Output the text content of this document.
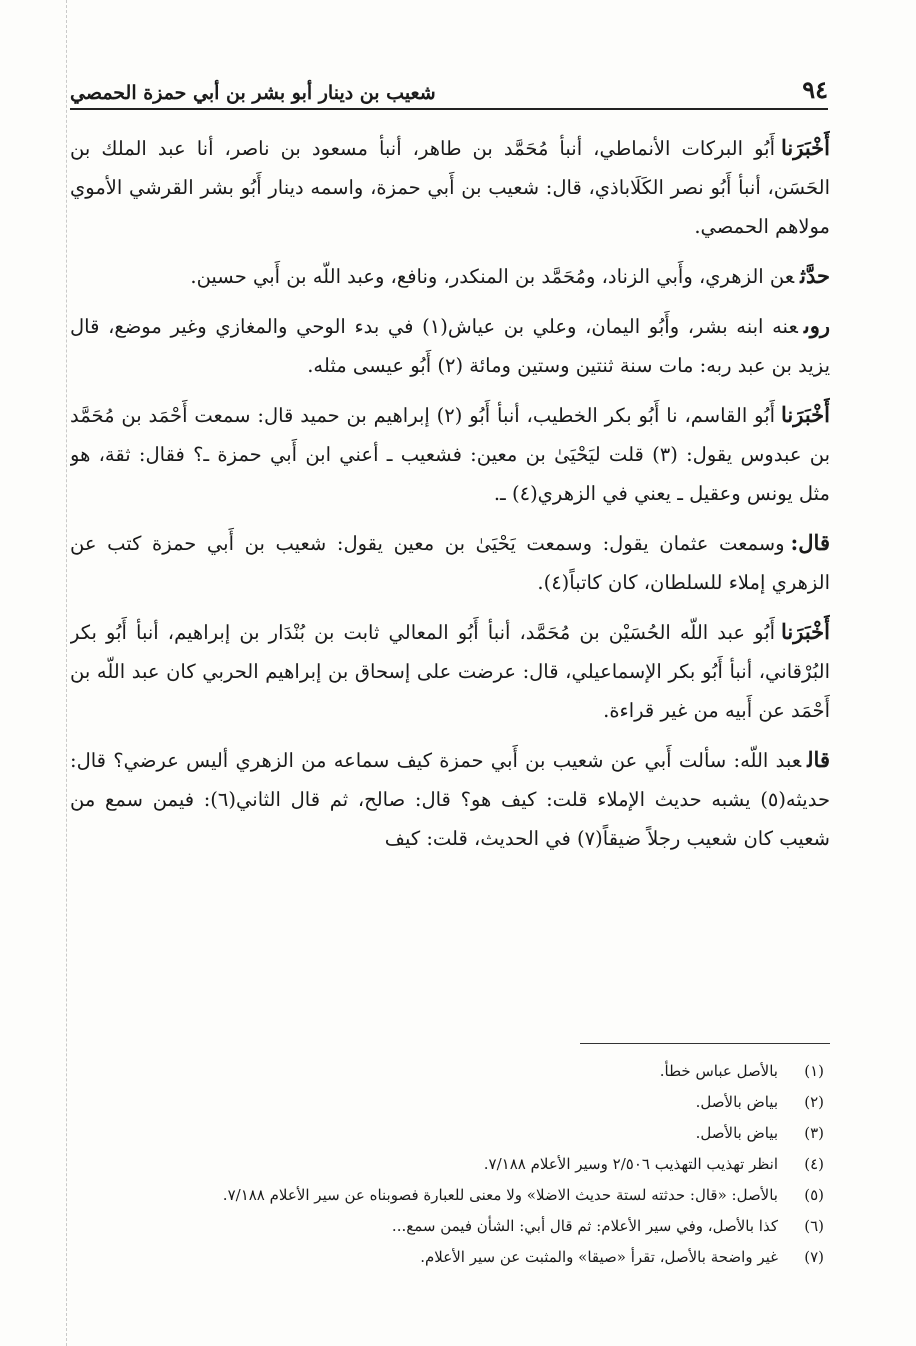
٩٤
شعيب بن دينار أبو بشر بن أبي حمزة الحمصي

أَخْبَرَناأَبُو البركات الأنماطي، أنبأ مُحَمَّد بن طاهر، أنبأ مسعود بن ناصر، أنا عبد الملك بن الحَسَن، أنبأ أَبُو نصر الكَلَاباذي، قال: شعيب بن أَبي حمزة، واسمه دينار أَبُو بشر القرشي الأموي مولاهم الحمصي.

حدَّثعن الزهري، وأَبي الزناد، ومُحَمَّد بن المنكدر، ونافع، وعبد اللّه بن أَبي حسين.

روىعنه ابنه بشر، وأَبُو اليمان، وعلي بن عياش(١) في بدء الوحي والمغازي وغير موضع، قال يزيد بن عبد ربه: مات سنة ثنتين وستين ومائة (٢) أَبُو عيسى مثله.

أَخْبَرَناأَبُو القاسم، نا أَبُو بكر الخطيب، أنبأ أَبُو (٢) إبراهيم بن حميد قال: سمعت أَحْمَد بن مُحَمَّد بن عبدوس يقول: (٣) قلت ليَحْيَىٰ بن معين: فشعيب ـ أعني ابن أَبي حمزة ـ؟ فقال: ثقة، هو مثل يونس وعقيل ـ يعني في الزهري(٤) ـ.

قال:وسمعت عثمان يقول: وسمعت يَحْيَىٰ بن معين يقول: شعيب بن أَبي حمزة كتب عن الزهري إملاء للسلطان، كان كاتباً(٤).

أَخْبَرَناأَبُو عبد اللّه الحُسَيْن بن مُحَمَّد، أنبأ أَبُو المعالي ثابت بن بُنْدَار بن إبراهيم، أنبأ أَبُو بكر البُرْقاني، أنبأ أَبُو بكر الإسماعيلي، قال: عرضت على إسحاق بن إبراهيم الحربي كان عبد اللّه بن أَحْمَد عن أَبيه من غير قراءة.

قالعبد اللّه: سألت أَبي عن شعيب بن أَبي حمزة كيف سماعه من الزهري أليس عرضي؟ قال: حديثه(٥) يشبه حديث الإملاء قلت: كيف هو؟ قال: صالح، ثم قال الثاني(٦): فيمن سمع من شعيب كان شعيب رجلاً ضيقاً(٧) في الحديث، قلت: كيف

(١)
بالأصل عباس خطأ.
(٢)
بياض بالأصل.
(٣)
بياض بالأصل.
(٤)
انظر تهذيب التهذيب ٢/٥٠٦ وسير الأعلام ٧/١٨٨.
(٥)
بالأصل: «قال: حدثته لستة حديث الاضلا» ولا معنى للعبارة فصوبناه عن سير الأعلام ٧/١٨٨.
(٦)
كذا بالأصل، وفي سير الأعلام: ثم قال أبي: الشأن فيمن سمع...
(٧)
غير واضحة بالأصل، تقرأ «صيقا» والمثبت عن سير الأعلام.
